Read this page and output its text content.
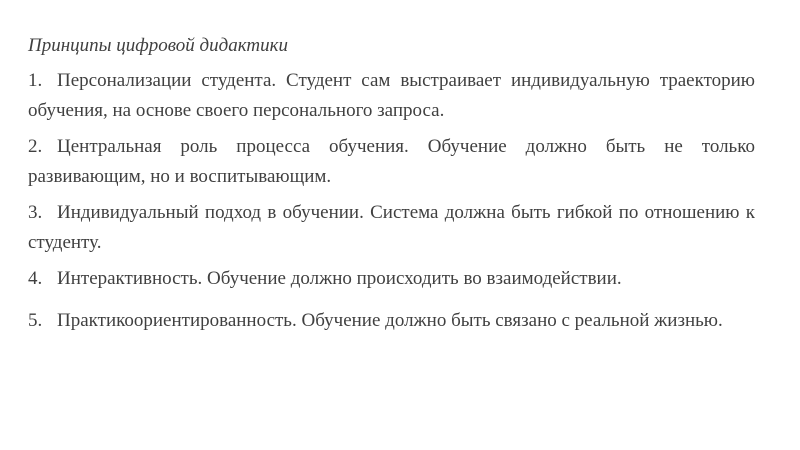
Принципы цифровой дидактики
1. Персонализации студента. Студент сам выстраивает индивидуальную траекторию обучения, на основе своего персонального запроса.
2. Центральная роль процесса обучения. Обучение должно быть не только развивающим, но и воспитывающим.
3. Индивидуальный подход в обучении. Система должна быть гибкой по отношению к студенту.
4. Интерактивность. Обучение должно происходить во взаимодействии.
5. Практикоориентированность. Обучение должно быть связано с реальной жизнью.
